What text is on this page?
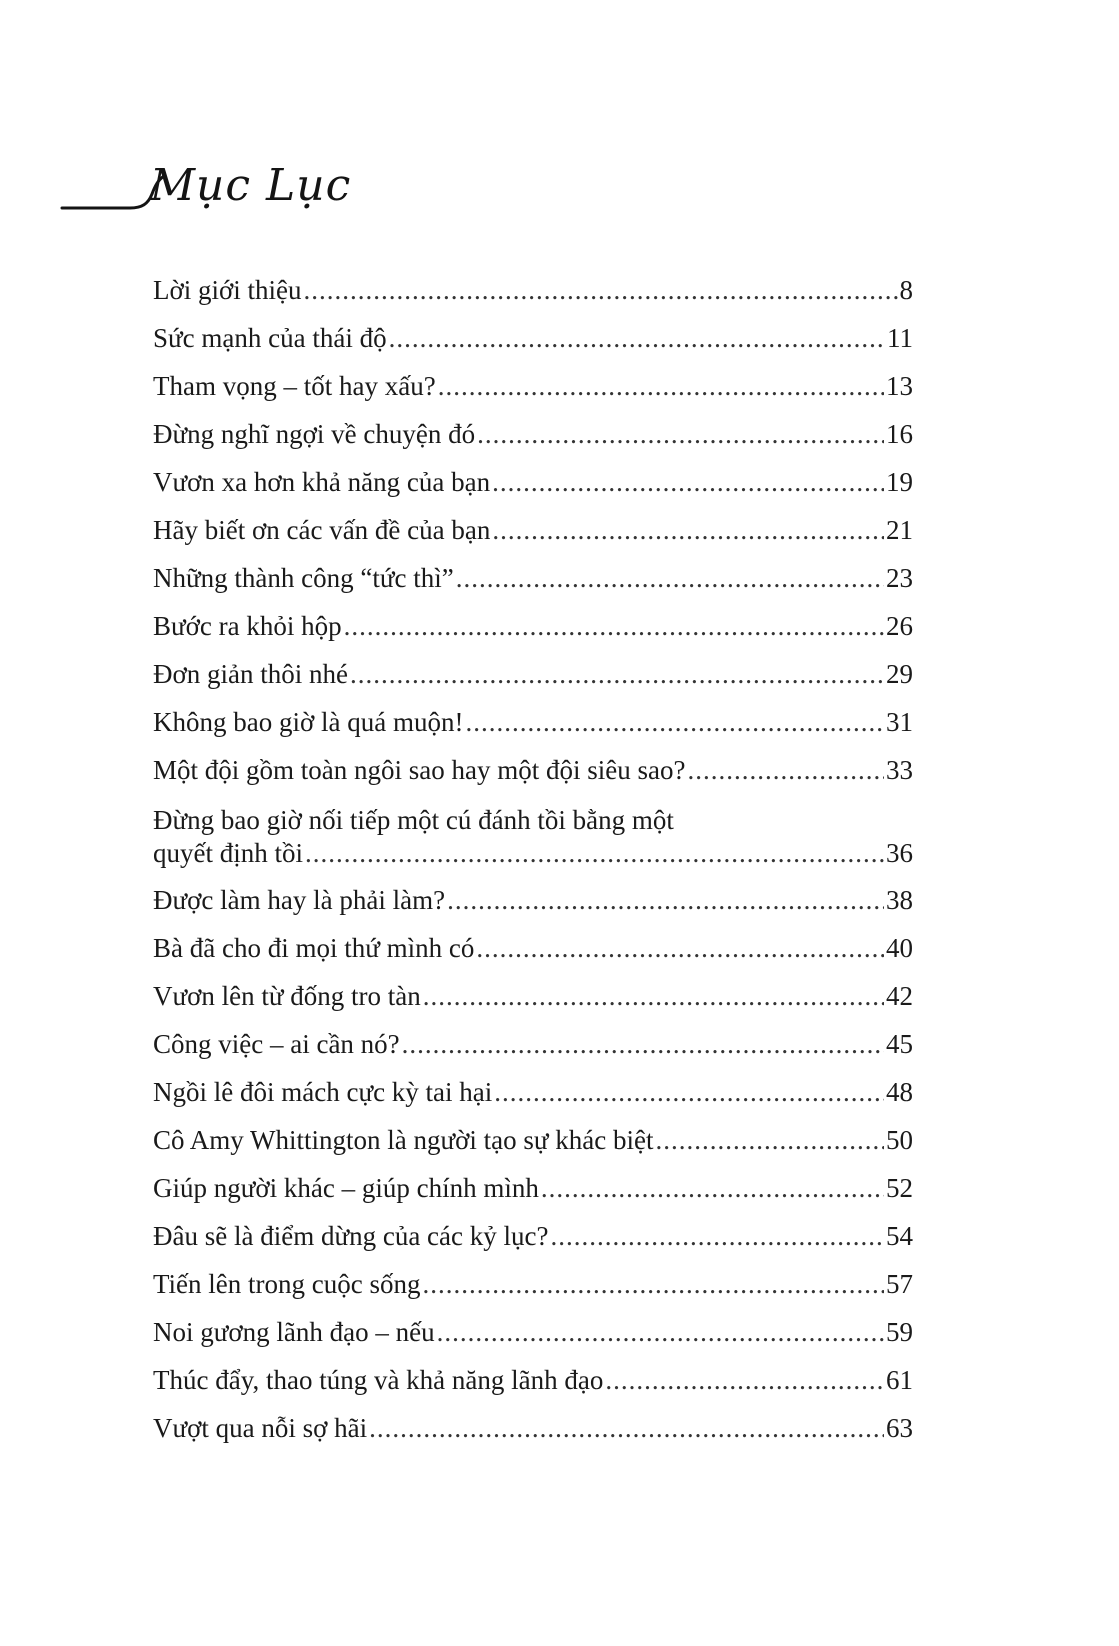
Mục Lục
Lời giới thiệu .....	8
Sức mạnh của thái độ .....	11
Tham vọng – tốt hay xấu? .....	13
Đừng nghĩ ngợi về chuyện đó .....	16
Vươn xa hơn khả năng của bạn .....	19
Hãy biết ơn các vấn đề của bạn .....	21
Những thành công “tức thì” .....	23
Bước ra khỏi hộp .....	26
Đơn giản thôi nhé .....	29
Không bao giờ là quá muộn! .....	31
Một đội gồm toàn ngôi sao hay một đội siêu sao? .....	33
Đừng bao giờ nối tiếp một cú đánh tồi bằng một
quyết định tồi .....	36
Được làm hay là phải làm? .....	38
Bà đã cho đi mọi thứ mình có .....	40
Vươn lên từ đống tro tàn .....	42
Công việc – ai cần nó? .....	45
Ngồi lê đôi mách cực kỳ tai hại .....	48
Cô Amy Whittington là người tạo sự khác biệt .....	50
Giúp người khác – giúp chính mình .....	52
Đâu sẽ là điểm dừng của các kỷ lục? .....	54
Tiến lên trong cuộc sống .....	57
Noi gương lãnh đạo – nếu .....	59
Thúc đẩy, thao túng và khả năng lãnh đạo .....	61
Vượt qua nỗi sợ hãi .....	63
